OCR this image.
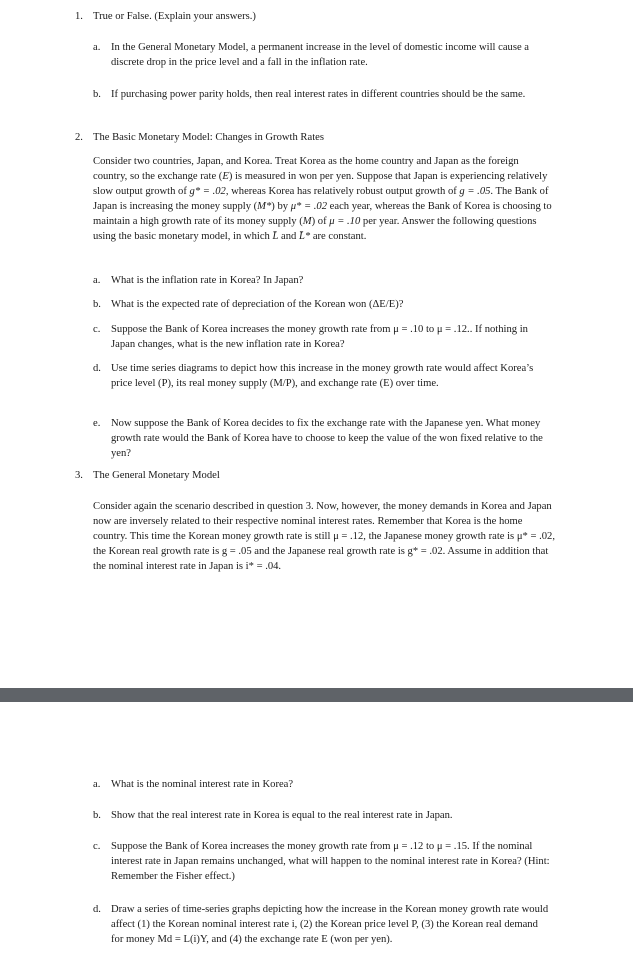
1. True or False. (Explain your answers.)
a. In the General Monetary Model, a permanent increase in the level of domestic income will cause a discrete drop in the price level and a fall in the inflation rate.
b. If purchasing power parity holds, then real interest rates in different countries should be the same.
2. The Basic Monetary Model: Changes in Growth Rates
Consider two countries, Japan, and Korea. Treat Korea as the home country and Japan as the foreign country, so the exchange rate (E) is measured in won per yen. Suppose that Japan is experiencing relatively slow output growth of g* = .02, whereas Korea has relatively robust output growth of g = .05. The Bank of Japan is increasing the money supply (M*) by μ* = .02 each year, whereas the Bank of Korea is choosing to maintain a high growth rate of its money supply (M) of μ = .10 per year. Answer the following questions using the basic monetary model, in which L̄ and L̄* are constant.
a. What is the inflation rate in Korea? In Japan?
b. What is the expected rate of depreciation of the Korean won (ΔE/E)?
c. Suppose the Bank of Korea increases the money growth rate from μ = .10 to μ = .12.. If nothing in Japan changes, what is the new inflation rate in Korea?
d. Use time series diagrams to depict how this increase in the money growth rate would affect Korea’s price level (P), its real money supply (M/P), and exchange rate (E) over time.
e. Now suppose the Bank of Korea decides to fix the exchange rate with the Japanese yen. What money growth rate would the Bank of Korea have to choose to keep the value of the won fixed relative to the yen?
3. The General Monetary Model
Consider again the scenario described in question 3. Now, however, the money demands in Korea and Japan now are inversely related to their respective nominal interest rates. Remember that Korea is the home country. This time the Korean money growth rate is still μ = .12, the Japanese money growth rate is μ* = .02, the Korean real growth rate is g = .05 and the Japanese real growth rate is g* = .02. Assume in addition that the nominal interest rate in Japan is i* = .04.
a. What is the nominal interest rate in Korea?
b. Show that the real interest rate in Korea is equal to the real interest rate in Japan.
c. Suppose the Bank of Korea increases the money growth rate from μ = .12 to μ = .15. If the nominal interest rate in Japan remains unchanged, what will happen to the nominal interest rate in Korea? (Hint: Remember the Fisher effect.)
d. Draw a series of time-series graphs depicting how the increase in the Korean money growth rate would affect (1) the Korean nominal interest rate i, (2) the Korean price level P, (3) the Korean real demand for money Md = L(i)Y, and (4) the exchange rate E (won per yen).
